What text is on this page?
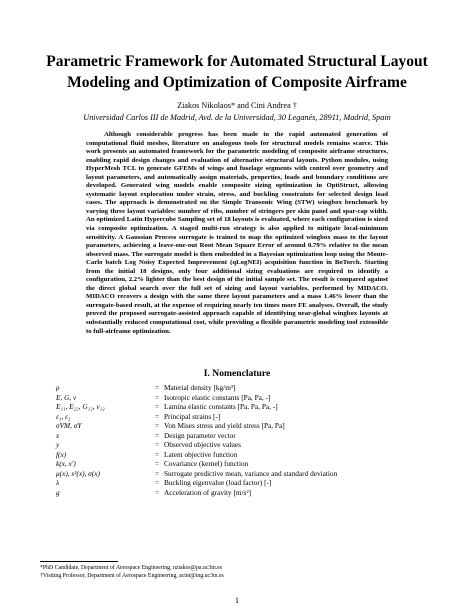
Parametric Framework for Automated Structural Layout
Modeling and Optimization of Composite Airframe
Ziakos Nikolaos* and Cini Andrea †
Universidad Carlos III de Madrid, Avd. de la Universidad, 30 Leganés, 28911, Madrid, Spain

Although considerable progress has been made in the rapid automated generation of computational fluid meshes, literature on analogous tools for structural models remains scarce. This work presents an automated framework for the parametric modeling of composite airframe structures, enabling rapid design changes and evaluation of alternative structural layouts. Python modules, using HyperMesh TCL to generate GFEMs of wings and fuselage segments with control over geometry and layout parameters, and automatically assign materials, properties, loads and boundary conditions are developed. Generated wing models enable composite sizing optimization in OptiStruct, allowing systematic layout exploration under strain, stress, and buckling constraints for selected design load cases. The approach is demonstrated on the Simple Transonic Wing (STW) wingbox benchmark by varying three layout variables: number of ribs, number of stringers per skin panel and spar-cap width. An optimized Latin Hypercube Sampling set of 18 layouts is evaluated, where each configuration is sized via composite optimization. A staged multi-run strategy is also applied to mitigate local-minimum sensitivity. A Gaussian Process surrogate is trained to map the optimized wingbox mass to the layout parameters, achieving a leave-one-out Root Mean Square Error of around 0.79% relative to the mean observed mass. The surrogate model is then embedded in a Bayesian optimization loop using the Monte-Carlo batch Log Noisy Expected Improvement (qLogNEI) acquisition function in BoTorch. Starting from the initial 18 designs, only four additional sizing evaluations are required to identify a configuration, 2.2% lighter than the best design of the initial sample set. The result is compared against the direct global search over the full set of sizing and layout variables, performed by MIDACO. MIDACO recovers a design with the same three layout parameters and a mass 1.46% lower than the surrogate-based result, at the expense of requiring nearly ten times more FE analyses. Overall, the study proved the proposed surrogate-assisted approach capable of identifying near-global wingbox layouts at substantially reduced computational cost, while providing a flexible parametric modeling tool extensible to full-airframe optimization.

I. Nomenclature
ρ	= Material density [kg/m³]
E, G, ν	= Isotropic elastic constants [Pa, Pa, -]
E₁₁, E₂₂, G₁₂, ν₁₂	= Lamina elastic constants [Pa, Pa, Pa, -]
ε₁, ε₂	= Principal strains [-]
σVM, σY	= Von Mises stress and yield stress [Pa, Pa]
x	= Design parameter vector
y	= Observed objective values
f(x)	= Latent objective function
k(x, x′)	= Covariance (kernel) function
μ(x), s²(x), σ(x)	= Surrogate predictive mean, variance and standard deviation
λ	= Buckling eigenvalue (load factor) [-]
g	= Acceleration of gravity [m/s²]
*PhD Candidate, Department of Aerospace Engineering, nziakos@pa.uc3m.es
†Visiting Professor, Department of Aerospace Engineering, acini@ing.uc3m.es
1
